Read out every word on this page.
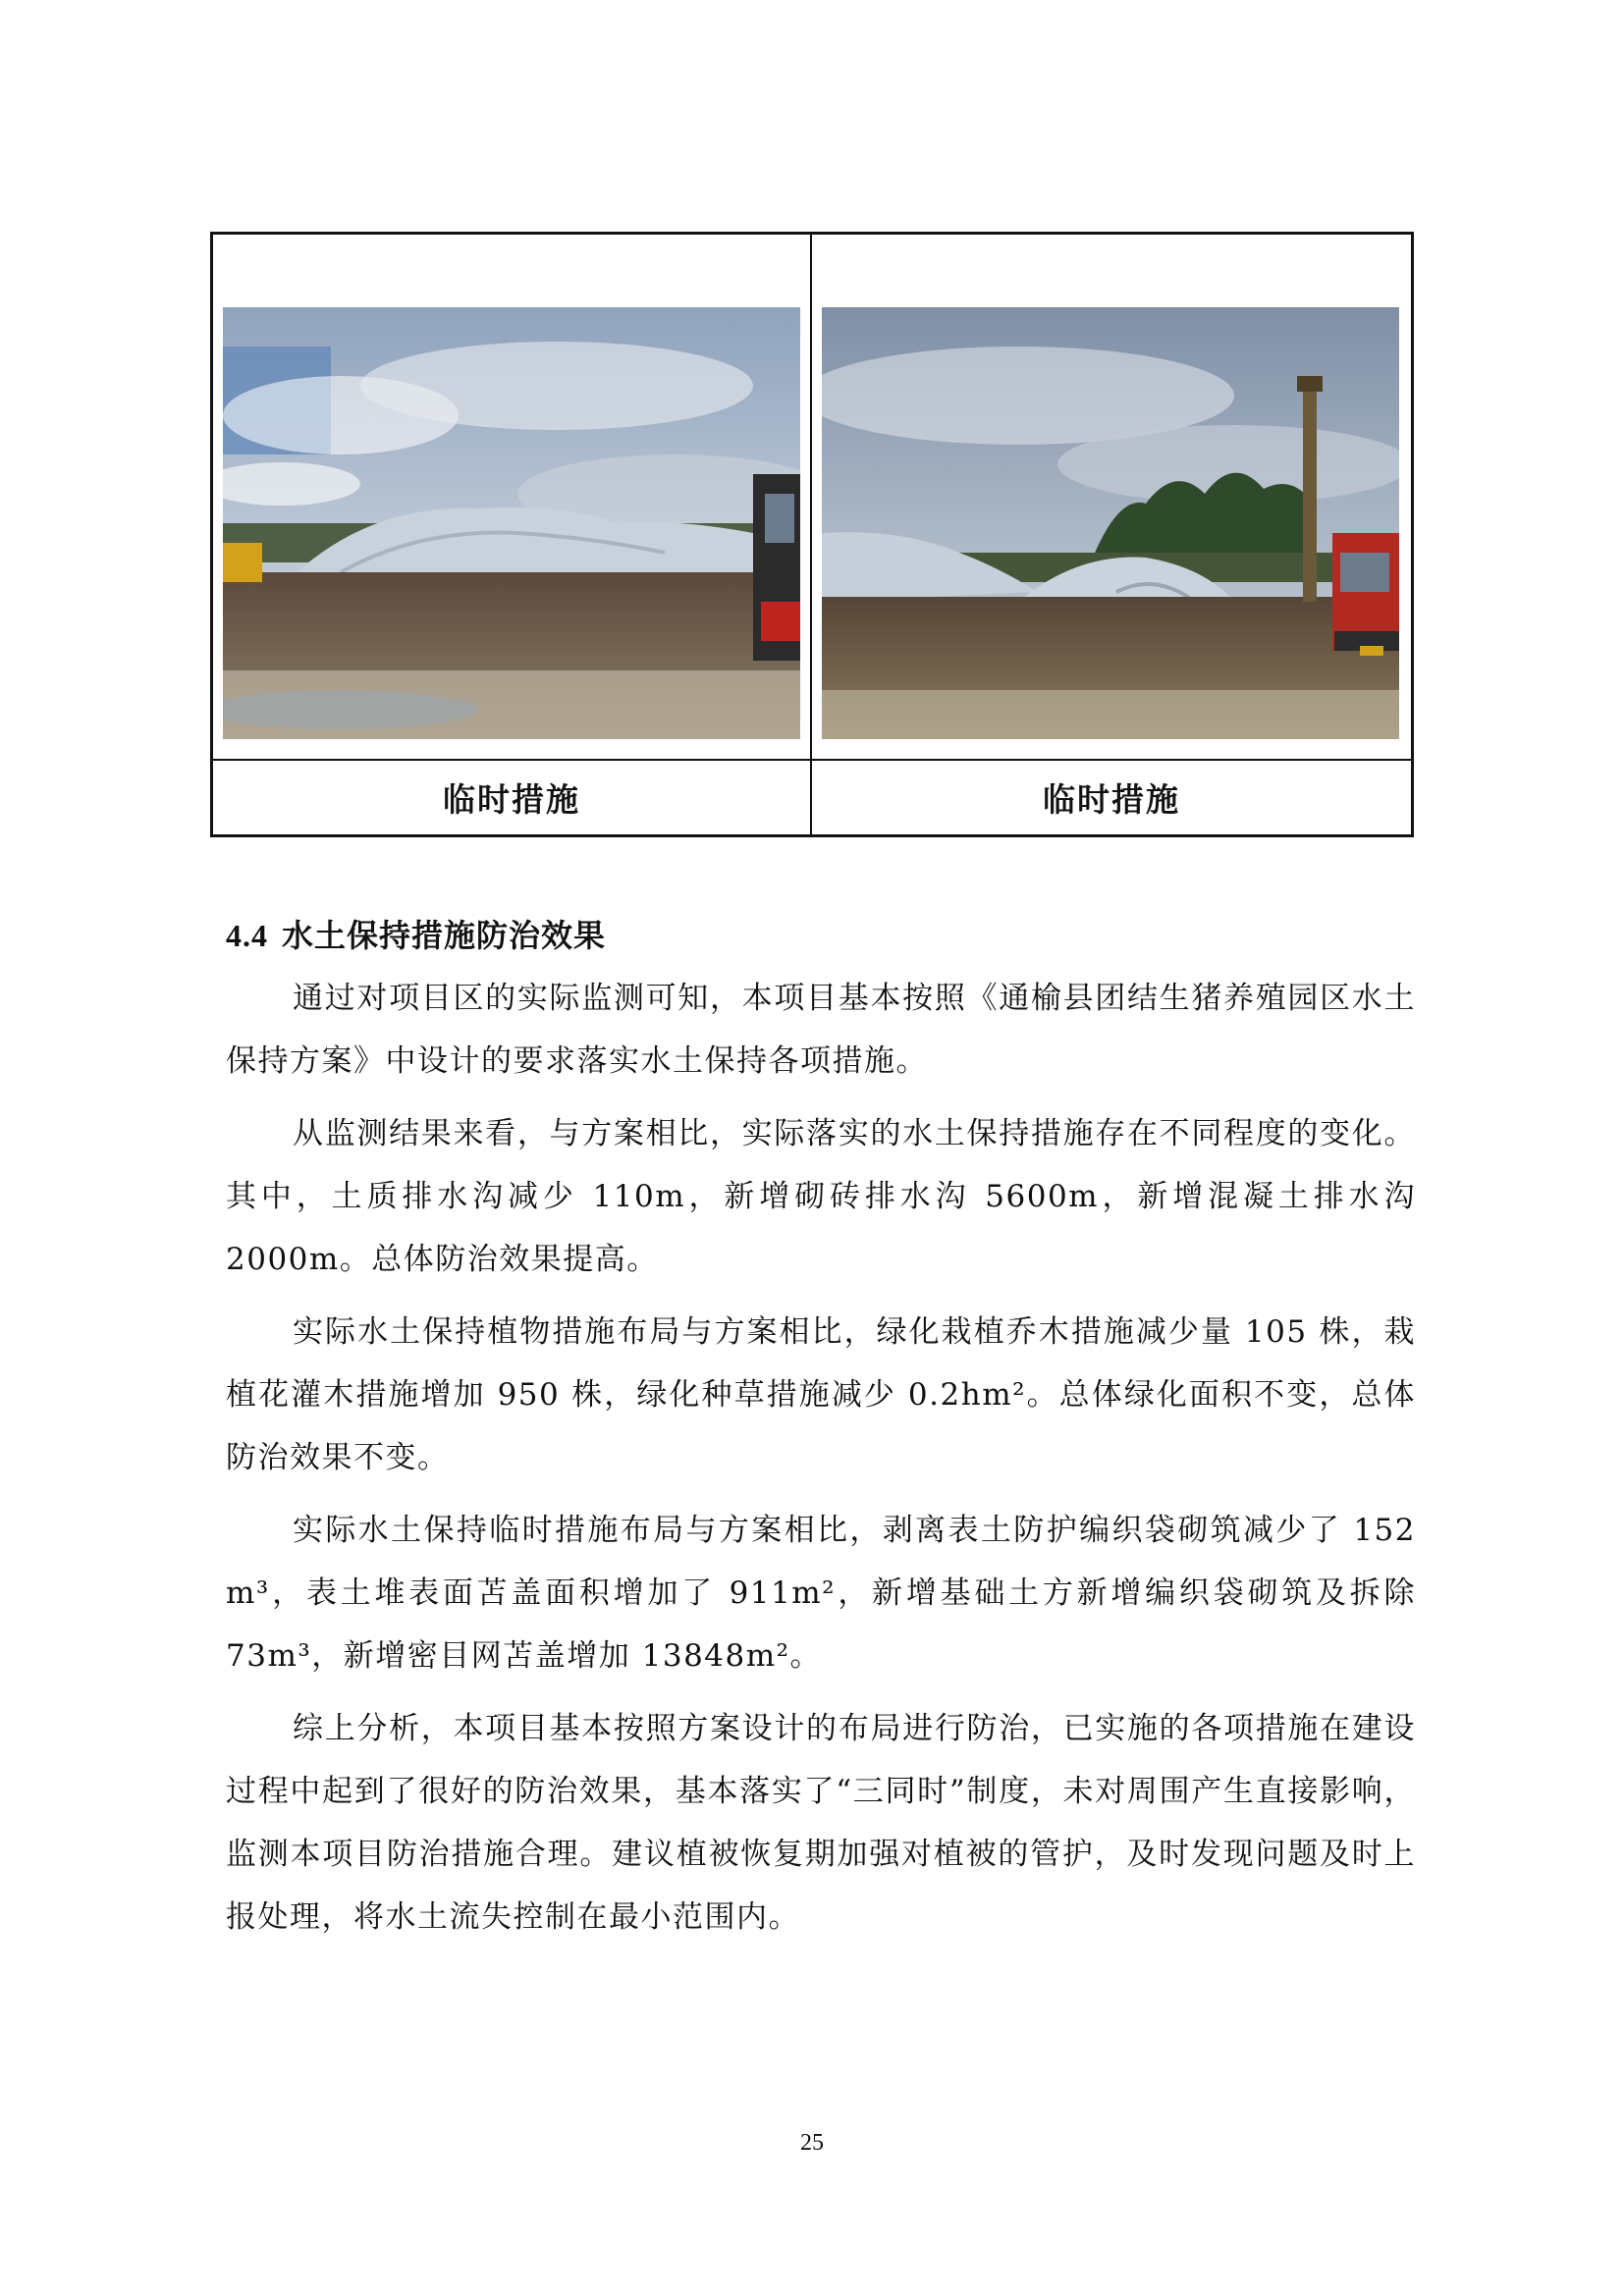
临时措施	临时措施
4.4 水土保持措施防治效果

通过对项目区的实际监测可知，本项目基本按照《通榆县团结生猪养殖园区水土保持方案》中设计的要求落实水土保持各项措施。

从监测结果来看，与方案相比，实际落实的水土保持措施存在不同程度的变化。其中，土质排水沟减少 110m，新增砌砖排水沟 5600m，新增混凝土排水沟 2000m。总体防治效果提高。

实际水土保持植物措施布局与方案相比，绿化栽植乔木措施减少量 105 株，栽植花灌木措施增加 950 株，绿化种草措施减少 0.2hm²。总体绿化面积不变，总体防治效果不变。

实际水土保持临时措施布局与方案相比，剥离表土防护编织袋砌筑减少了 152 m³，表土堆表面苫盖面积增加了 911m²，新增基础土方新增编织袋砌筑及拆除 73m³，新增密目网苫盖增加 13848m²。

综上分析，本项目基本按照方案设计的布局进行防治，已实施的各项措施在建设过程中起到了很好的防治效果，基本落实了“三同时”制度，未对周围产生直接影响，监测本项目防治措施合理。建议植被恢复期加强对植被的管护，及时发现问题及时上报处理，将水土流失控制在最小范围内。

25
